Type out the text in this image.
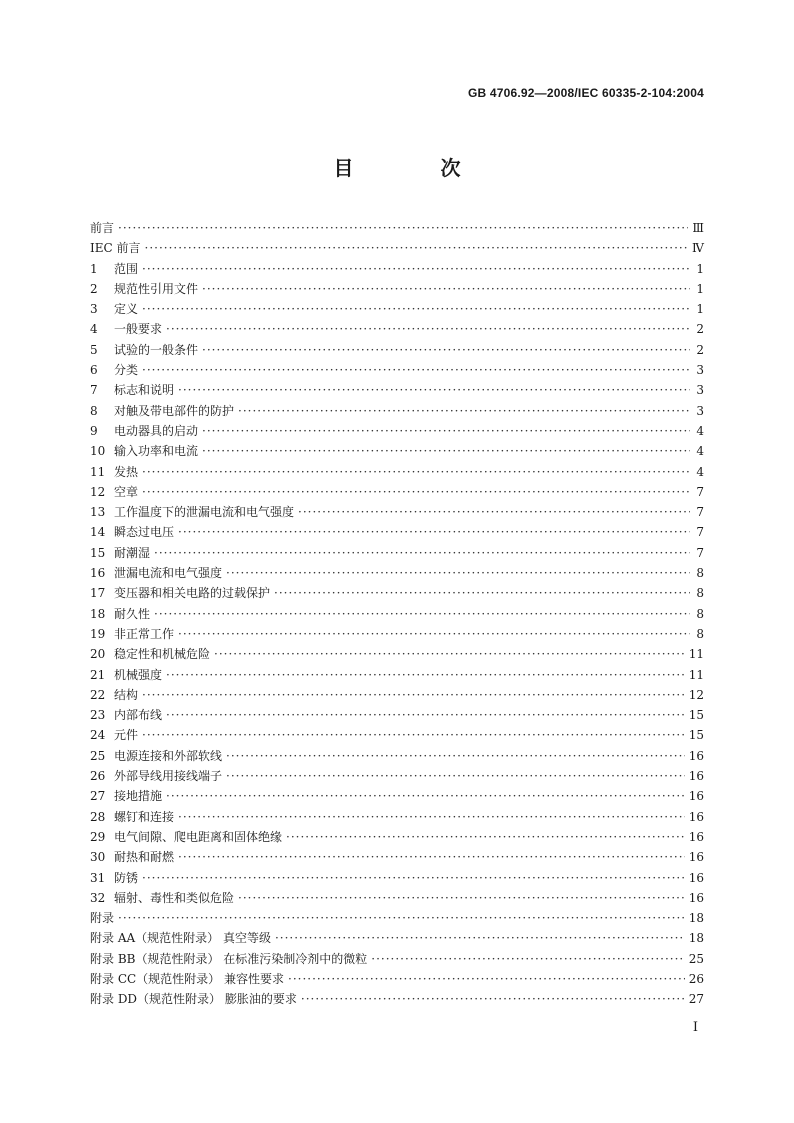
GB 4706.92—2008/IEC 60335-2-104:2004
目 次
前言 ·····	Ⅲ
IEC 前言 ·····	Ⅳ
1	范围 ·····	1
2	规范性引用文件 ·····	1
3	定义 ·····	1
4	一般要求 ·····	2
5	试验的一般条件 ·····	2
6	分类 ·····	3
7	标志和说明 ·····	3
8	对触及带电部件的防护 ·····	3
9	电动器具的启动 ·····	4
10 输入功率和电流 ·····	4
11 发热 ·····	4
12 空章 ·····	7
13 工作温度下的泄漏电流和电气强度 ·····	7
14 瞬态过电压 ·····	7
15 耐潮湿 ·····	7
16 泄漏电流和电气强度 ·····	8
17 变压器和相关电路的过载保护 ·····	8
18 耐久性 ·····	8
19 非正常工作 ·····	8
20 稳定性和机械危险 ·····	11
21 机械强度 ·····	11
22 结构 ·····	12
23 内部布线 ·····	15
24 元件 ·····	15
25 电源连接和外部软线 ·····	16
26 外部导线用接线端子 ·····	16
27 接地措施 ·····	16
28 螺钉和连接 ·····	16
29 电气间隙、爬电距离和固体绝缘 ·····	16
30 耐热和耐燃 ·····	16
31 防锈 ·····	16
32 辐射、毒性和类似危险 ·····	16
附录 ·····	18
附录 AA（规范性附录） 真空等级 ·····	18
附录 BB（规范性附录） 在标准污染制冷剂中的微粒 ·····	25
附录 CC（规范性附录） 兼容性要求 ·····	26
附录 DD（规范性附录） 膨胀油的要求 ·····	27
I
